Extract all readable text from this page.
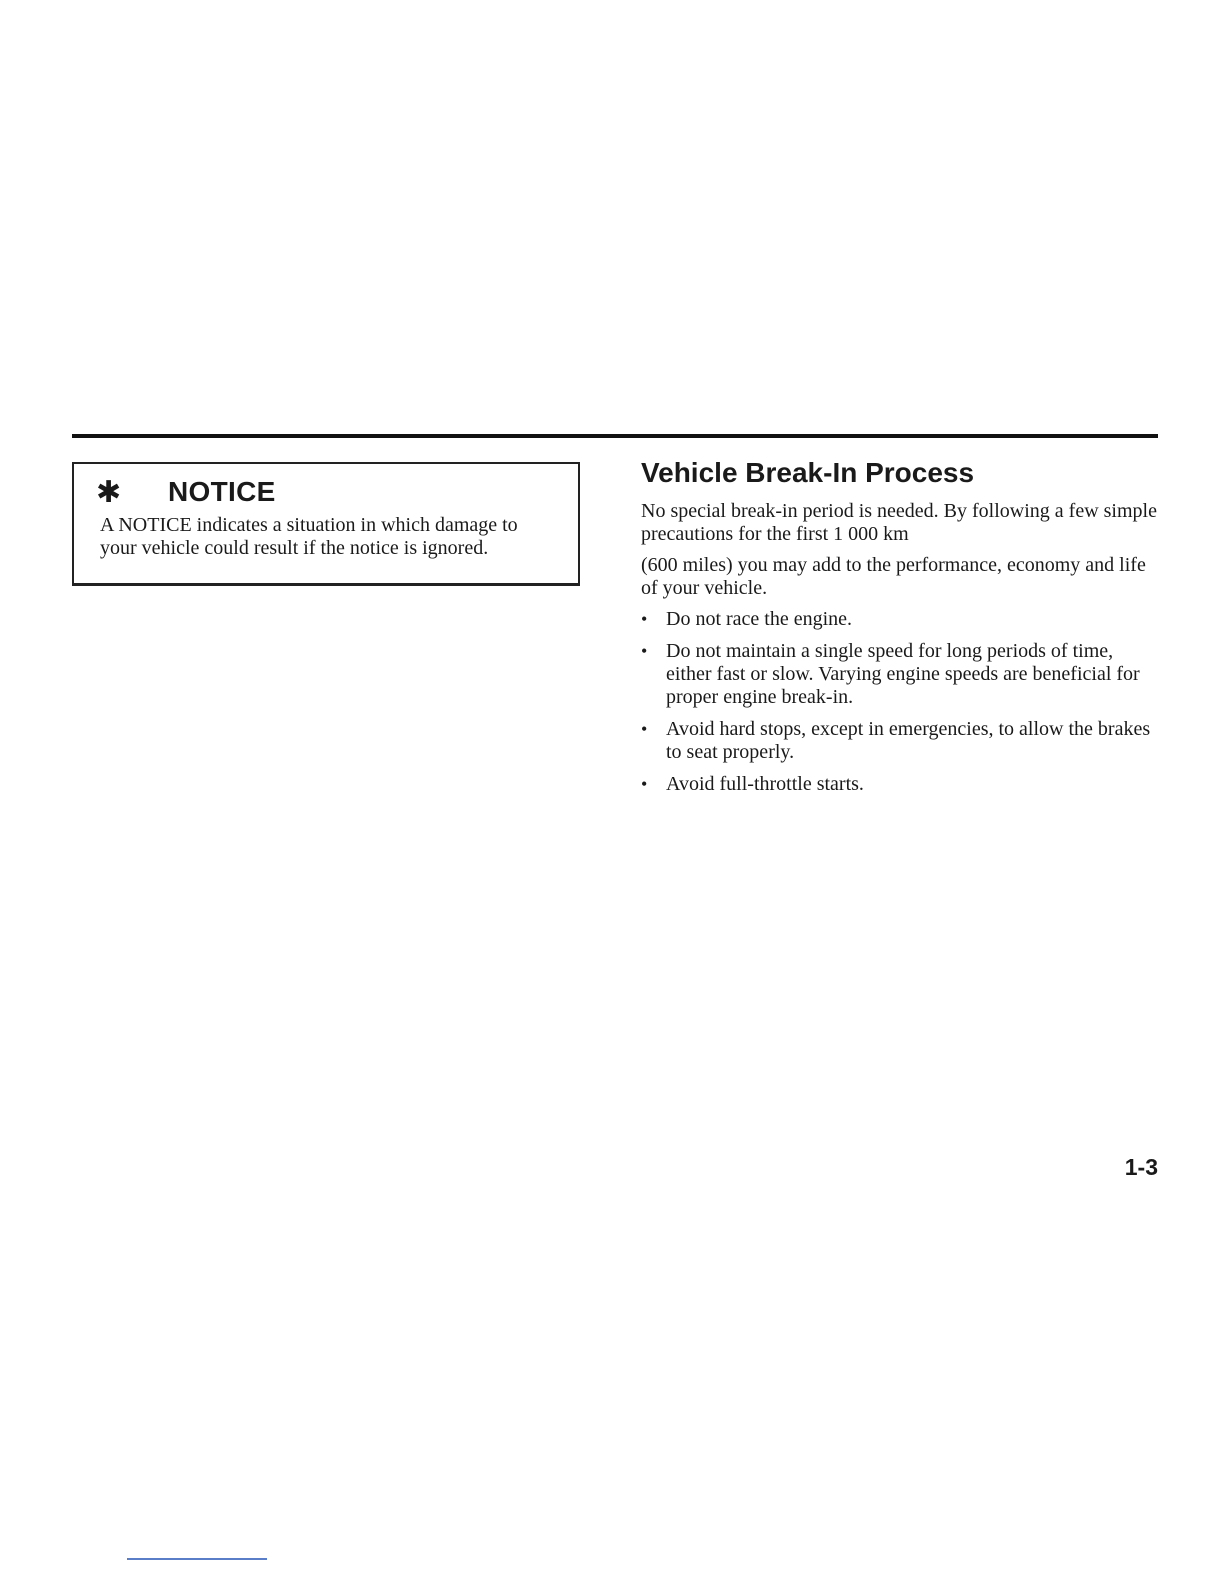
✱	NOTICE

A NOTICE indicates a situation in which damage to your vehicle could result if the notice is ignored.

Vehicle Break-In Process

No special break-in period is needed. By following a few simple precautions for the first 1 000 km

(600 miles) you may add to the performance, economy and life of your vehicle.

• Do not race the engine.
• Do not maintain a single speed for long periods of time, either fast or slow. Varying engine speeds are beneficial for proper engine break-in.
• Avoid hard stops, except in emergencies, to allow the brakes to seat properly.
• Avoid full-throttle starts.
1-3
